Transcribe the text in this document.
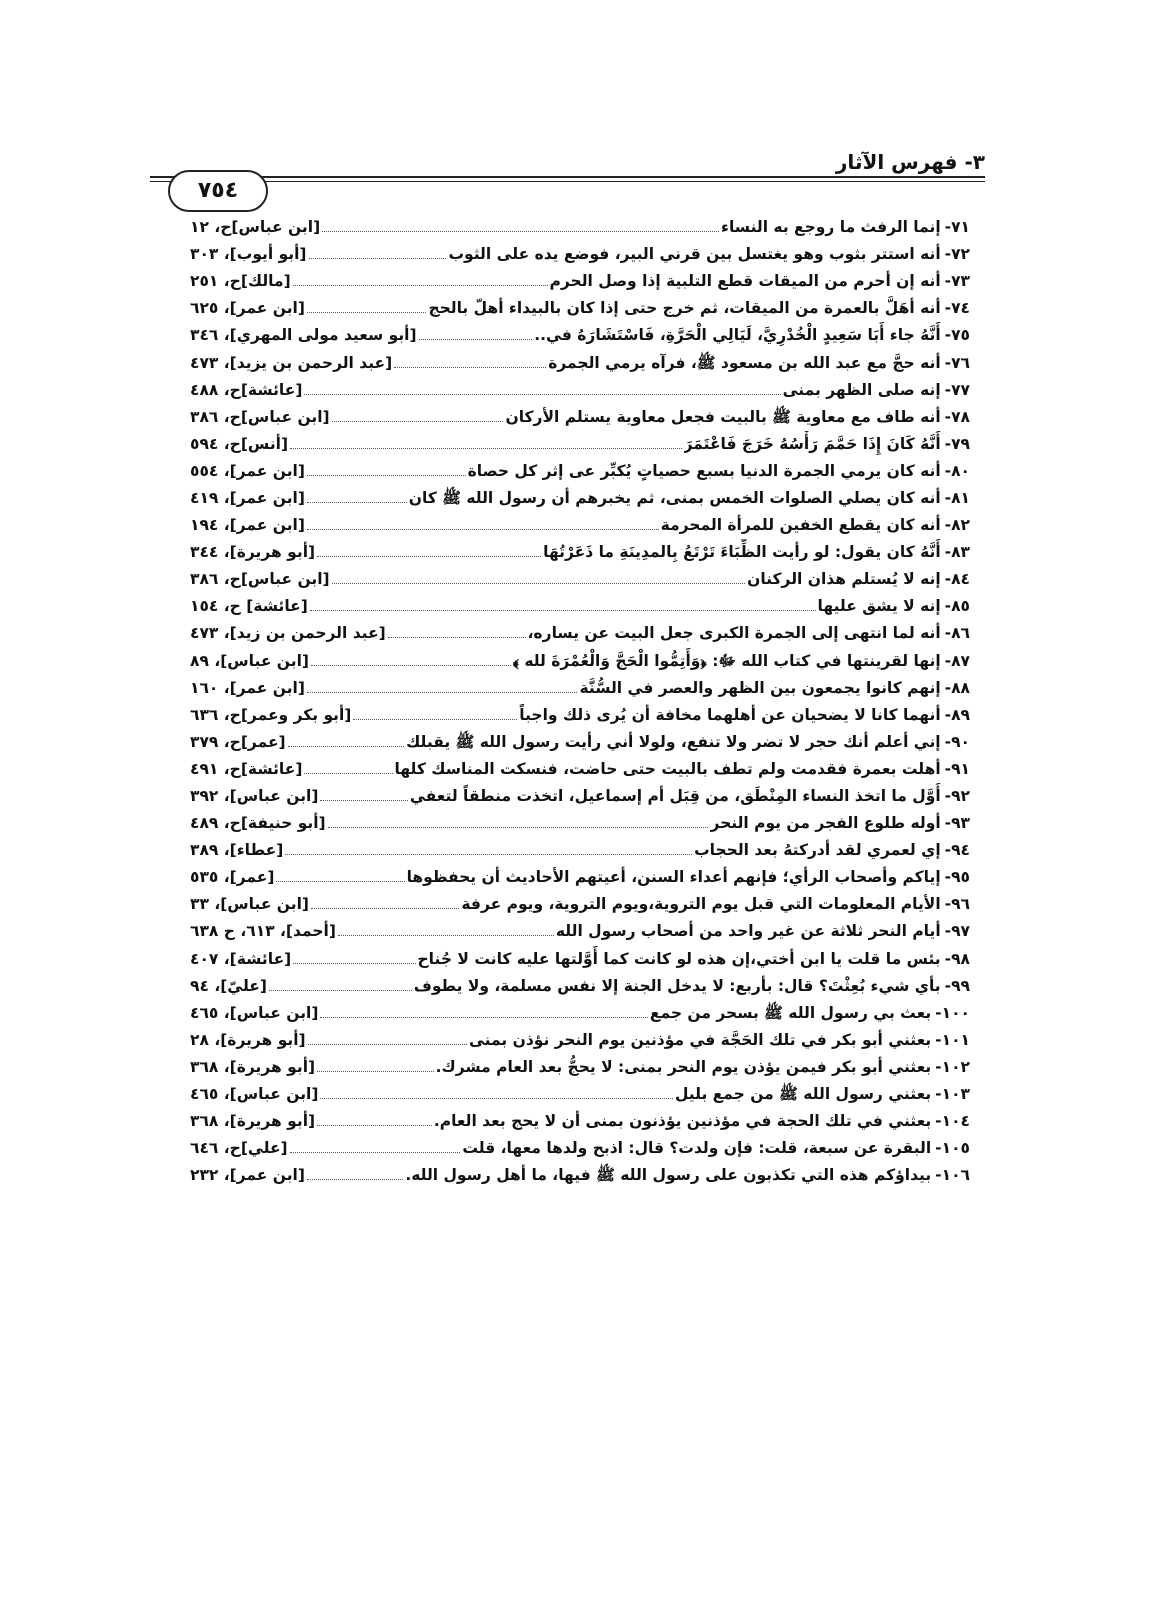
٣- فهرس الآثار
٧٥٤
٧١-
إنما الرفث ما روجع به النساء
[ابن عباس]ح، ١٢
٧٢-
أنه استتر بثوب وهو يغتسل بين قرني البير، فوضع يده على الثوب
[أبو أيوب]، ٣٠٣
٧٣-
أنه إن أحرم من الميقات قطع التلبية إذا وصل الحرم
[مالك]ح، ٢٥١
٧٤-
أنه أهَلَّ بالعمرة من الميقات، ثم خرج حتى إذا كان بالبيداء أهلّ بالحج
[ابن عمر]، ٦٢٥
٧٥-
أَنَّهُ جاء أَبَا سَعِيدٍ الْخُدْرِيَّ، لَيَالِي الْحَرَّةِ، فَاسْتَشَارَهُ في..
[أبو سعيد مولى المهري]، ٣٤٦
٧٦-
أنه حجَّ مع عبد الله بن مسعود ﷺ، فرآه يرمي الجمرة
[عبد الرحمن بن يزيد]، ٤٧٣
٧٧-
إنه صلى الظهر بمنى
[عائشة]ح، ٤٨٨
٧٨-
أنه طاف مع معاوية ﷺ بالبيت فجعل معاوية يستلم الأركان
[ابن عباس]ح، ٣٨٦
٧٩-
أَنَّهُ كَانَ إِذَا حَمَّمَ رَأْسُهُ خَرَجَ فَاعْتَمَرَ
[أنس]ح، ٥٩٤
٨٠-
أنه كان يرمي الجمرة الدنيا بسبع حصياتٍ يُكبِّر عى إثر كل حصاة
[ابن عمر]، ٥٥٤
٨١-
أنه كان يصلي الصلوات الخمس بمنى، ثم يخبرهم أن رسول الله ﷺ كان
[ابن عمر]، ٤١٩
٨٢-
أنه كان يقطع الخفين للمرأة المحرمة
[ابن عمر]، ١٩٤
٨٣-
أَنَّهُ كان يقول: لو رأيت الظِّبَاءَ تَرْتَعُ بِالمدِينَةِ ما ذَعَرْتُهَا
[أبو هريرة]، ٣٤٤
٨٤-
إنه لا يُستلم هذان الركنان
[ابن عباس]ح، ٣٨٦
٨٥-
إنه لا يشق عليها
[عائشة] ح، ١٥٤
٨٦-
أنه لما انتهى إلى الجمرة الكبرى جعل البيت عن يساره،
[عبد الرحمن بن زيد]، ٤٧٣
٨٧-
إنها لقرينتها في كتاب الله ﷻ: ﴿وَأَتِمُّوا الْحَجَّ وَالْعُمْرَةَ لله ﴾
[ابن عباس]، ٨٩
٨٨-
إنهم كانوا يجمعون بين الظهر والعصر في السُّنَّة
[ابن عمر]، ١٦٠
٨٩-
أنهما كانا لا يضحيان عن أهلهما مخافة أن يُرى ذلك واجباً
[أبو بكر وعمر]ح، ٦٣٦
٩٠-
إني أعلم أنك حجر لا تضر ولا تنفع، ولولا أني رأيت رسول الله ﷺ يقبلك
[عمر]ح، ٣٧٩
٩١-
أهلت بعمرة فقدمت ولم تطف بالبيت حتى حاضت، فنسكت المناسك كلها
[عائشة]ح، ٤٩١
٩٢-
أَوَّل ما اتخذ النساء المِنْطَق، من قِبَل أم إسماعيل، اتخذت منطقاً لتعفي
[ابن عباس]، ٣٩٢
٩٣-
أوله طلوع الفجر من يوم النحر
[أبو حنيفة]ح، ٤٨٩
٩٤-
إي لعمري لقد أدركتهُ بعد الحجاب
[عطاء]، ٣٨٩
٩٥-
إياكم وأصحاب الرأي؛ فإنهم أعداء السنن، أعيتهم الأحاديث أن يحفظوها
[عمر]، ٥٣٥
٩٦-
الأيام المعلومات التي قبل يوم التروية،ويوم التروية، ويوم عرفة
[ابن عباس]، ٣٣
٩٧-
أيام النحر ثلاثة عن غير واحد من أصحاب رسول الله
[أحمد]، ٦١٣، ح ٦٣٨
٩٨-
بئس ما قلت يا ابن أختي،إن هذه لو كانت كما أَوَّلتها عليه كانت لا جُناح
[عائشة]، ٤٠٧
٩٩-
بأي شيء بُعِثْتَ؟ قال: بأربع: لا يدخل الجنة إلا نفس مسلمة، ولا يطوف
[عليّ]، ٩٤
١٠٠-
بعث بي رسول الله ﷺ بسحر من جمع
[ابن عباس]، ٤٦٥
١٠١-
بعثني أبو بكر في تلك الحَجَّة في مؤذنين يوم النحر نؤذن بمنى
[أبو هريرة]، ٢٨
١٠٢-
بعثني أبو بكر فيمن يؤذن يوم النحر بمنى: لا يحجُّ بعد العام مشرك.
[أبو هريرة]، ٣٦٨
١٠٣-
بعثني رسول الله ﷺ من جمع بليل
[ابن عباس]، ٤٦٥
١٠٤-
بعثني في تلك الحجة في مؤذنين يؤذنون بمنى أن لا يحج بعد العام.
[أبو هريرة]، ٣٦٨
١٠٥-
البقرة عن سبعة، قلت: فإن ولدت؟ قال: اذبح ولدها معها، قلت
[علي]ح، ٦٤٦
١٠٦-
بيداؤكم هذه التي تكذبون على رسول الله ﷺ فيها، ما أهل رسول الله.
[ابن عمر]، ٢٣٢
